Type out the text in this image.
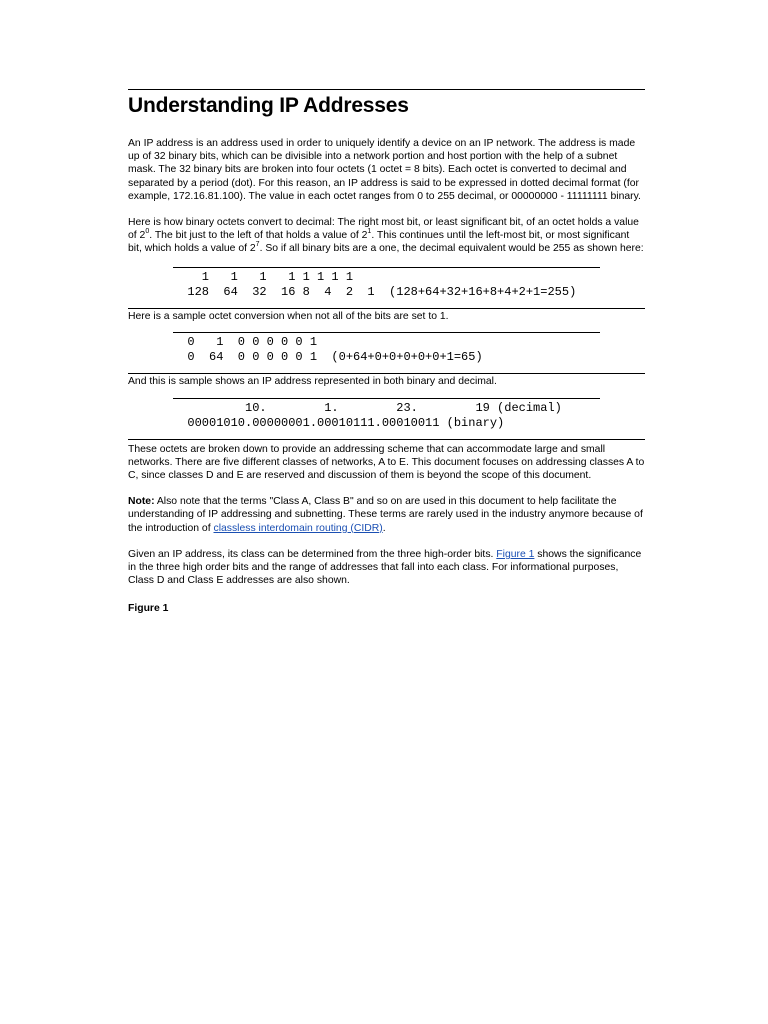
Understanding IP Addresses

An IP address is an address used in order to uniquely identify a device on an IP network. The address is made up of 32 binary bits, which can be divisible into a network portion and host portion with the help of a subnet mask. The 32 binary bits are broken into four octets (1 octet = 8 bits). Each octet is converted to decimal and separated by a period (dot). For this reason, an IP address is said to be expressed in dotted decimal format (for example, 172.16.81.100). The value in each octet ranges from 0 to 255 decimal, or 00000000 - 11111111 binary.

Here is how binary octets convert to decimal: The right most bit, or least significant bit, of an octet holds a value of $2^0$. The bit just to the left of that holds a value of $2^1$. This continues until the left-most bit, or most significant bit, which holds a value of $2^7$. So if all binary bits are a one, the decimal equivalent would be 255 as shown here:

1   1   1   1 1 1 1 1
128  64  32  16 8  4  2  1  (128+64+32+16+8+4+2+1=255)
Here is a sample octet conversion when not all of the bits are set to 1.
0   1  0 0 0 0 0 1
0  64  0 0 0 0 0 1  (0+64+0+0+0+0+0+1=65)
And this is sample shows an IP address represented in both binary and decimal.
10.        1.        23.        19 (decimal)
00001010.00000001.00010111.00010011 (binary)

These octets are broken down to provide an addressing scheme that can accommodate large and small networks. There are five different classes of networks, A to E. This document focuses on addressing classes A to C, since classes D and E are reserved and discussion of them is beyond the scope of this document.

Note: Also note that the terms "Class A, Class B" and so on are used in this document to help facilitate the understanding of IP addressing and subnetting. These terms are rarely used in the industry anymore because of the introduction of classless interdomain routing (CIDR).

Given an IP address, its class can be determined from the three high-order bits. Figure 1 shows the significance in the three high order bits and the range of addresses that fall into each class. For informational purposes, Class D and Class E addresses are also shown.

Figure 1
